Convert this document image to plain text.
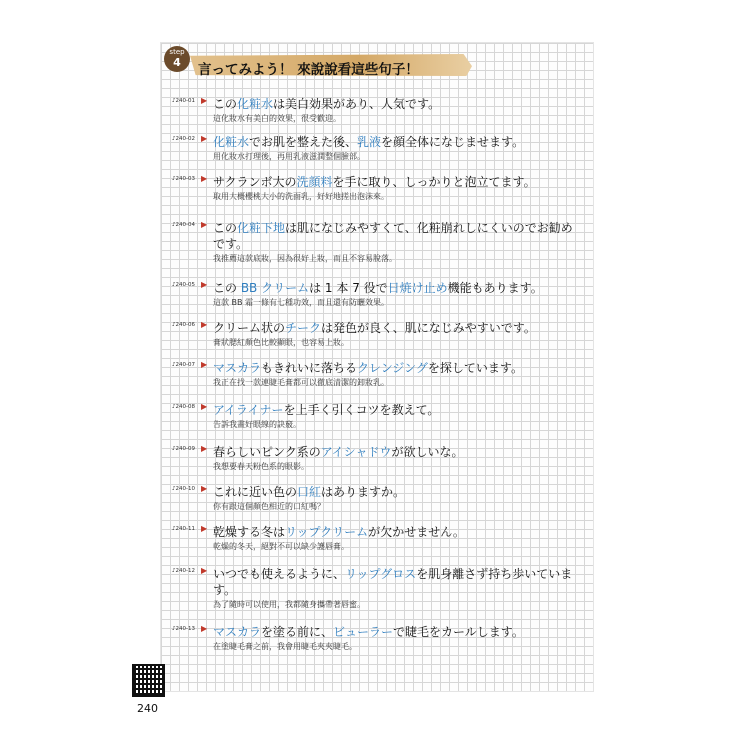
step
4	言ってみよう！ 來說說看這些句子！
♪240-01 ▶ この化粧水は美白効果があり、人気です。
這化妝水有美白的效果，很受歡迎。
♪240-02 ▶ 化粧水でお肌を整えた後、乳液を顔全体になじませます。
用化妝水打理後，再用乳液滋潤整個臉部。
♪240-03 ▶ サクランボ大の洗顔料を手に取り、しっかりと泡立てます。
取用大概櫻桃大小的洗面乳，好好地搓出泡沫來。
♪240-04 ▶ この化粧下地は肌になじみやすくて、化粧崩れしにくいのでお勧めです。
我推薦這款底妝，因為很好上妝，而且不容易脫落。
♪240-05 ▶ この BB クリームは 1 本 7 役で日焼け止め機能もあります。
這款 BB 霜一條有七種功效，而且還有防曬效果。
♪240-06 ▶ クリーム状のチークは発色が良く、肌になじみやすいです。
膏狀腮紅顏色比較顯眼，也容易上妝。
♪240-07 ▶ マスカラもきれいに落ちるクレンジングを探しています。
我正在找一款連睫毛膏都可以徹底清潔的卸妝乳。
♪240-08 ▶ アイライナーを上手く引くコツを教えて。
告訴我畫好眼線的訣竅。
♪240-09 ▶ 春らしいピンク系のアイシャドウが欲しいな。
我想要春天粉色系的眼影。
♪240-10 ▶ これに近い色の口紅はありますか。
你有跟這個顏色相近的口紅嗎？
♪240-11 ▶ 乾燥する冬はリップクリームが欠かせません。
乾燥的冬天，絕對不可以缺少護唇膏。
♪240-12 ▶ いつでも使えるように、リップグロスを肌身離さず持ち歩いています。
為了隨時可以使用，我都隨身攜帶著唇蜜。
♪240-13 ▶ マスカラを塗る前に、ビューラーで睫毛をカールします。
在塗睫毛膏之前，我會用睫毛夾夾睫毛。
240
